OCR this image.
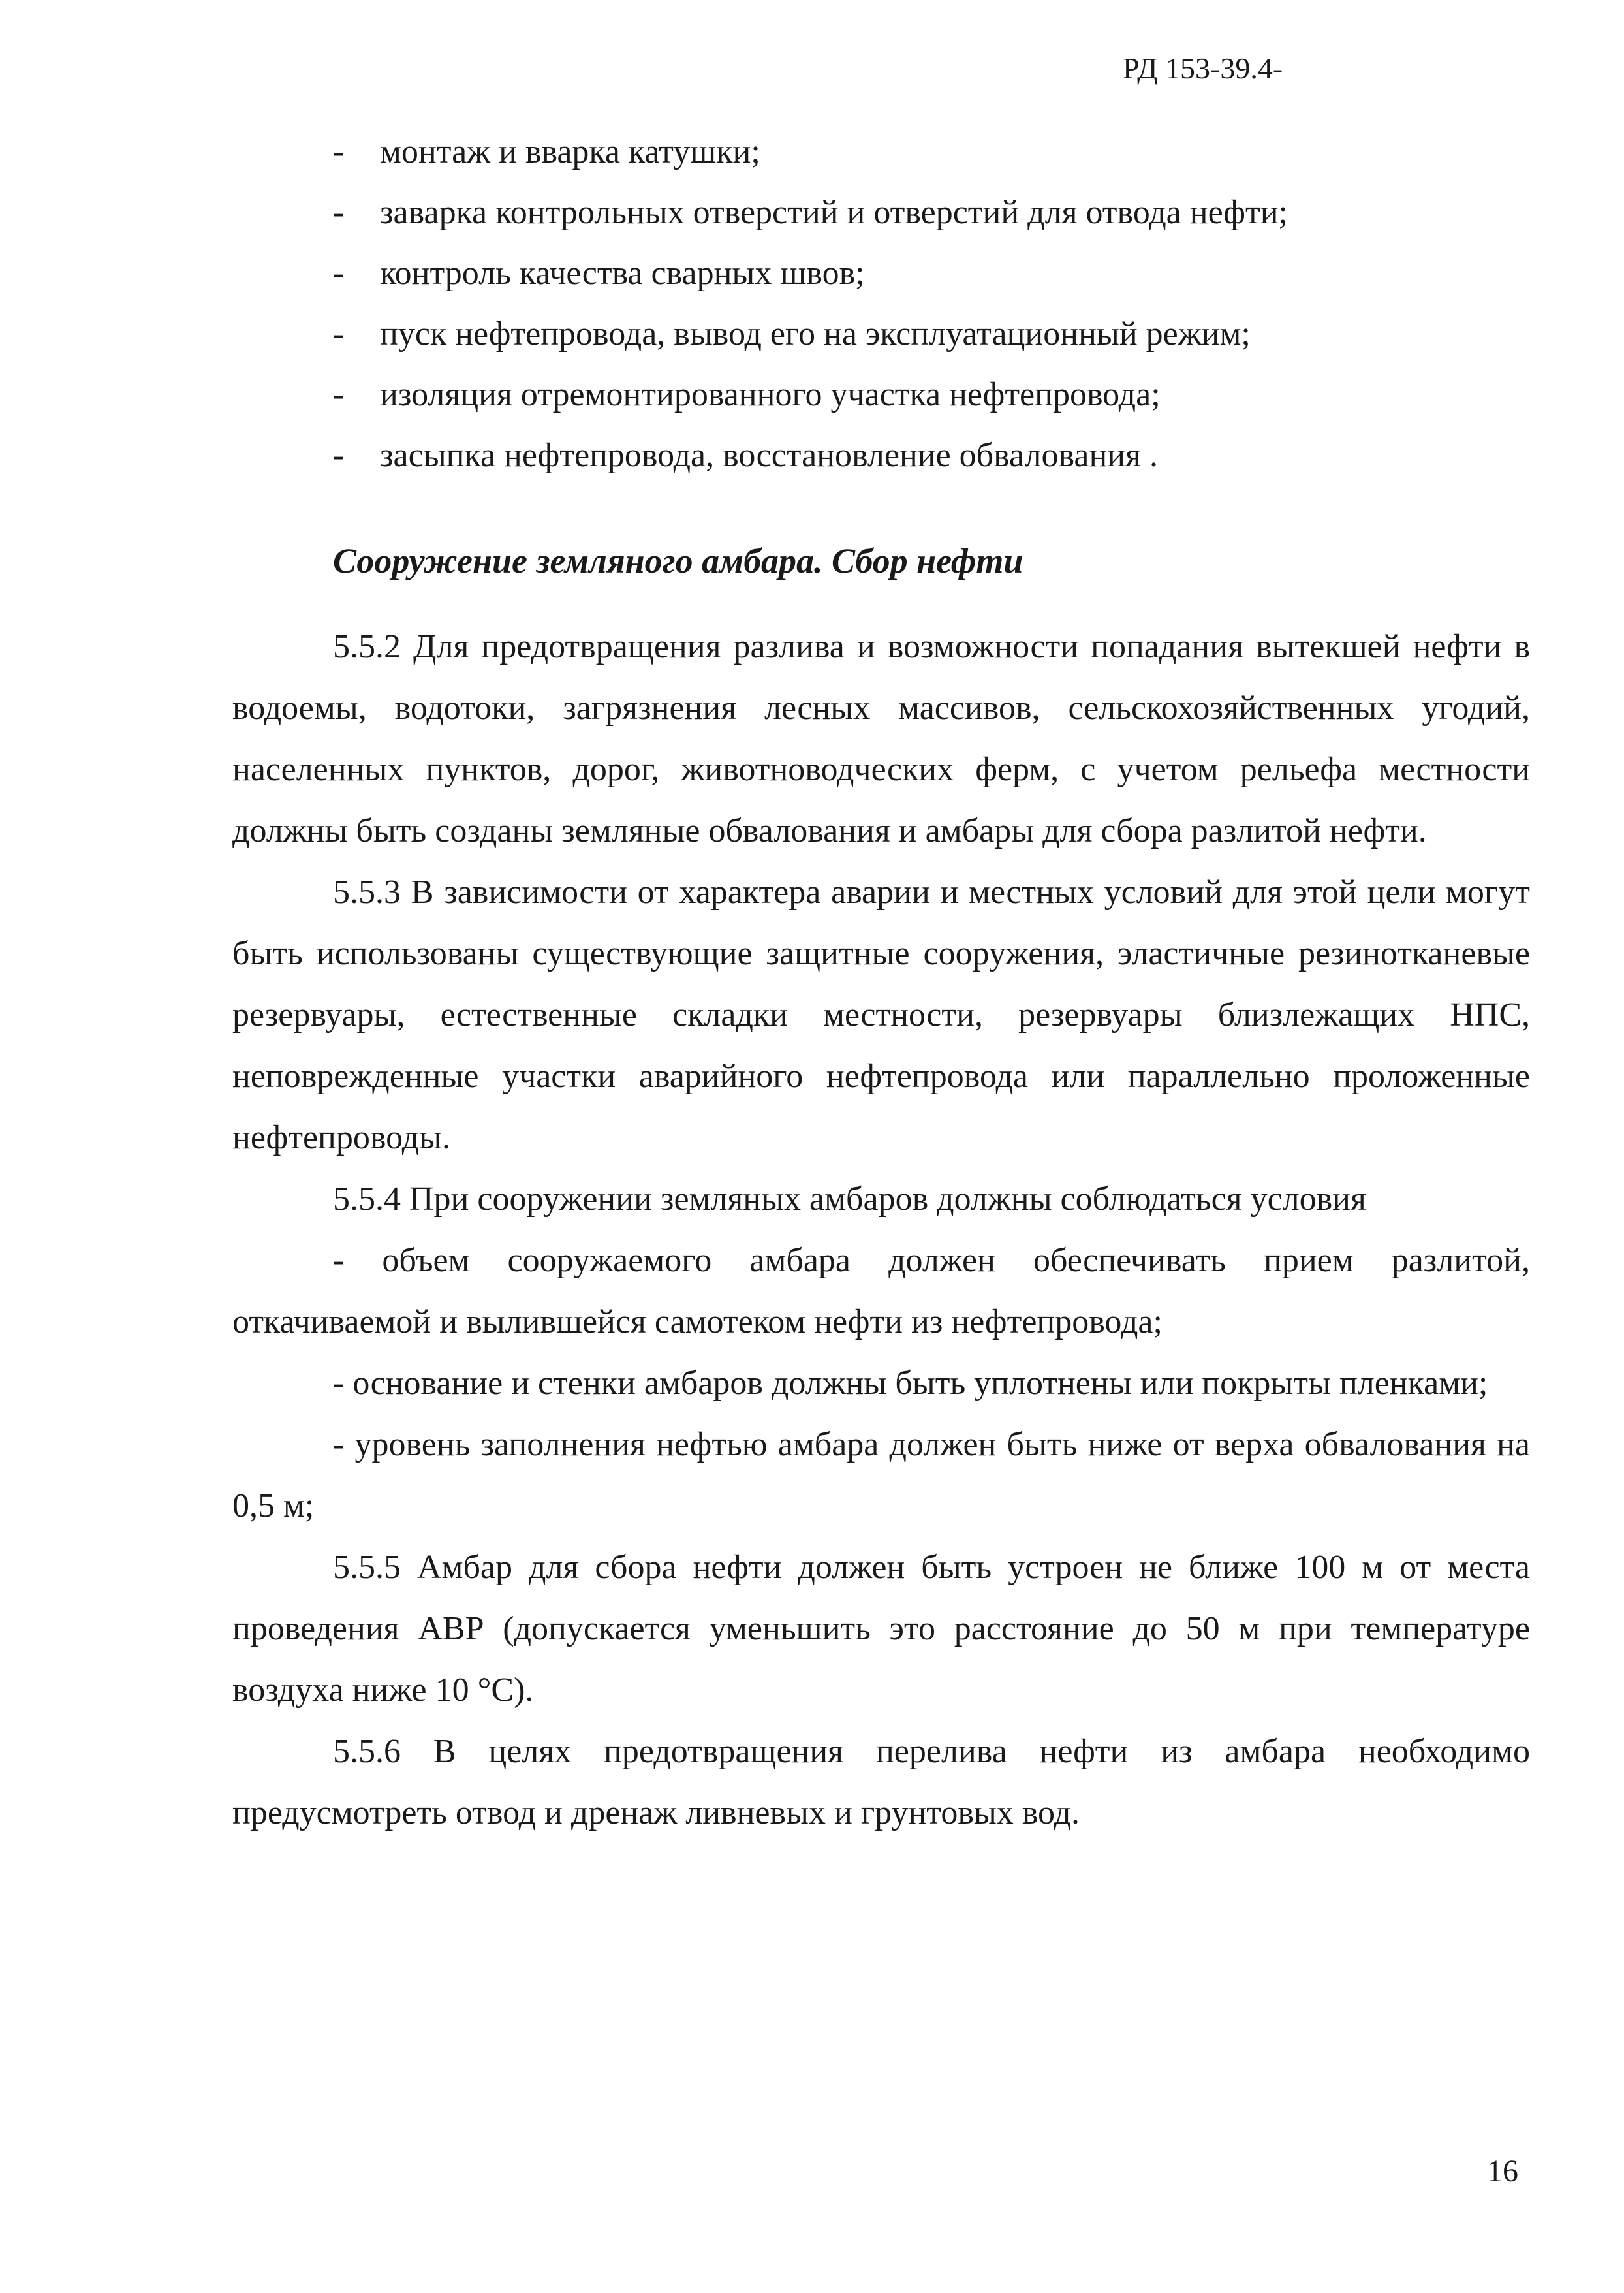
РД 153-39.4-
- монтаж и вварка катушки;
- заварка контрольных отверстий и отверстий для отвода нефти;
- контроль качества сварных швов;
- пуск нефтепровода, вывод его на эксплуатационный режим;
- изоляция отремонтированного участка нефтепровода;
- засыпка нефтепровода, восстановление обвалования .
Сооружение земляного амбара. Сбор нефти

5.5.2 Для предотвращения разлива и возможности попадания вытекшей нефти в водоемы, водотоки, загрязнения лесных массивов, сельскохозяйственных угодий, населенных пунктов, дорог, животноводческих ферм, с учетом рельефа местности должны быть созданы земляные обвалования и амбары для сбора разлитой нефти.

5.5.3 В зависимости от характера аварии и местных условий для этой цели могут быть использованы существующие защитные сооружения, эластичные резинотканевые резервуары, естественные складки местности, резервуары близлежащих НПС, неповрежденные участки аварийного нефтепровода или параллельно проложенные нефтепроводы.

5.5.4 При сооружении земляных амбаров должны соблюдаться условия

- объем сооружаемого амбара должен обеспечивать прием разлитой, откачиваемой и вылившейся самотеком нефти из нефтепровода;

- основание и стенки амбаров должны быть уплотнены или покрыты пленками;

- уровень заполнения нефтью амбара должен быть ниже от верха обвалования на 0,5 м;

5.5.5 Амбар для сбора нефти должен быть устроен не ближе 100 м от места проведения АВР (допускается уменьшить это расстояние до 50 м при температуре воздуха ниже 10 °С).

5.5.6 В целях предотвращения перелива нефти из амбара необходимо предусмотреть отвод и дренаж ливневых и грунтовых вод.

16
